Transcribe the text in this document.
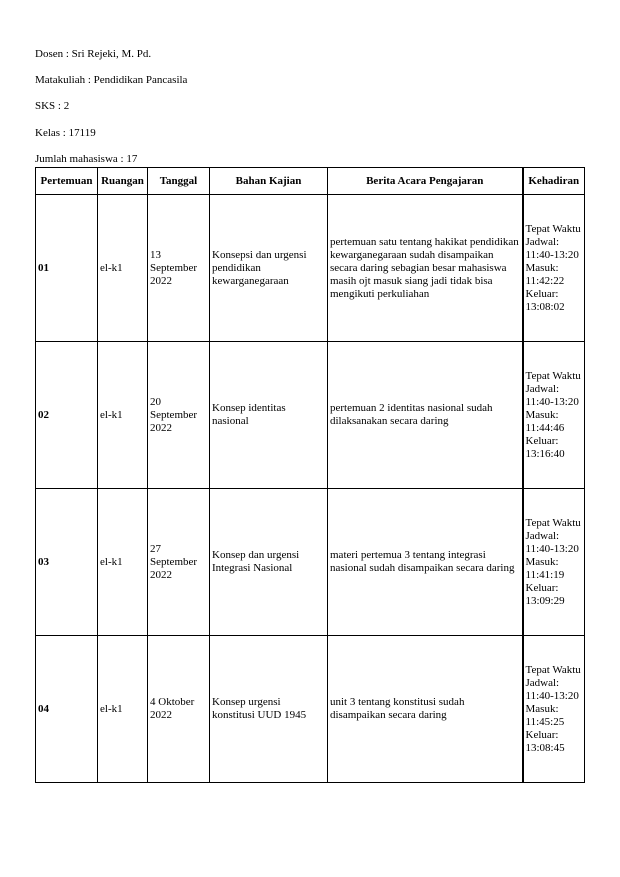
Dosen : Sri Rejeki, M. Pd.
Matakuliah : Pendidikan Pancasila
SKS : 2
Kelas : 17119
Jumlah mahasiswa : 17
Pertemuan	Ruangan	Tanggal	Bahan Kajian	Berita Acara Pengajaran	Kehadiran
01	el-k1	13 September 2022	Konsepsi dan urgensi pendidikan kewarganegaraan	pertemuan satu tentang hakikat pendidikan kewarganegaraan sudah disampaikan secara daring sebagian besar mahasiswa masih ojt masuk siang jadi tidak bisa mengikuti perkuliahan	Tepat Waktu Jadwal: 11:40-13:20 Masuk: 11:42:22 Keluar: 13:08:02
02	el-k1	20 September 2022	Konsep identitas nasional	pertemuan 2 identitas nasional sudah dilaksanakan secara daring	Tepat Waktu Jadwal: 11:40-13:20 Masuk: 11:44:46 Keluar: 13:16:40
03	el-k1	27 September 2022	Konsep dan urgensi Integrasi Nasional	materi pertemua 3 tentang integrasi nasional sudah disampaikan secara daring	Tepat Waktu Jadwal: 11:40-13:20 Masuk: 11:41:19 Keluar: 13:09:29
04	el-k1	4 Oktober 2022	Konsep urgensi konstitusi UUD 1945	unit 3 tentang konstitusi sudah disampaikan secara daring	Tepat Waktu Jadwal: 11:40-13:20 Masuk: 11:45:25 Keluar: 13:08:45
